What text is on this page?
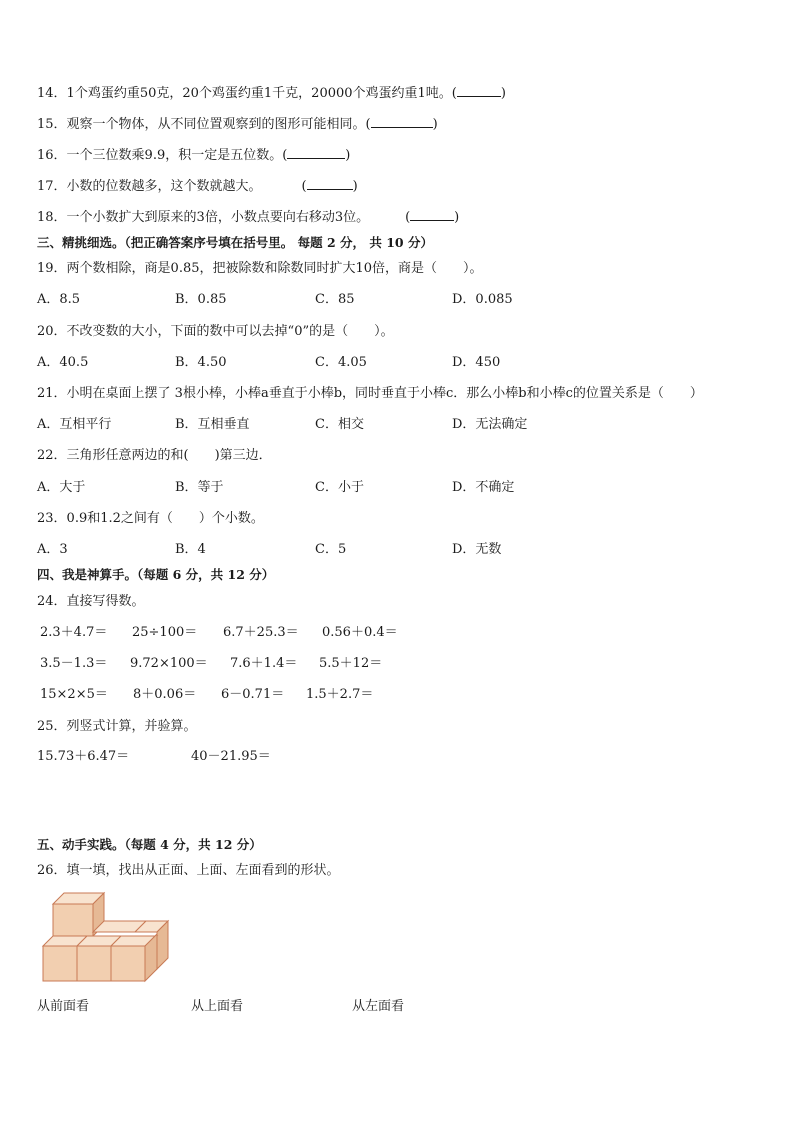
14．1个鸡蛋约重50克，20个鸡蛋约重1千克，20000个鸡蛋约重1吨。(	)
15．观察一个物体，从不同位置观察到的图形可能相同。(	)
16．一个三位数乘9.9，积一定是五位数。(	)
17．小数的位数越多，这个数就越大。	(	)
18．一个小数扩大到原来的3倍，小数点要向右移动3位。	(	)
三、精挑细选。（把正确答案序号填在括号里。 每题 2 分， 共 10 分）
19．两个数相除，商是0.85，把被除数和除数同时扩大10倍，商是（　　）。
A．8.5	B．0.85	C．85	D．0.085
20．不改变数的大小，下面的数中可以去掉“0”的是（　　）。
A．40.5	B．4.50	C．4.05	D．450
21．小明在桌面上摆了 3根小棒，小棒a垂直于小棒b，同时垂直于小棒c．那么小棒b和小棒c的位置关系是（　　）
A．互相平行	B．互相垂直	C．相交	D．无法确定
22．三角形任意两边的和(　　)第三边．
A．大于	B．等于	C．小于	D．不确定
23．0.9和1.2之间有（　　）个小数。
A．3	B．4	C．5	D．无数
四、我是神算手。（每题 6 分，共 12 分）
24．直接写得数。
2.3＋4.7＝ 25÷100＝ 6.7＋25.3＝ 0.56＋0.4＝
3.5－1.3＝ 9.72×100＝ 7.6＋1.4＝ 5.5＋12＝
15×2×5＝ 8＋0.06＝ 6－0.71＝ 1.5＋2.7＝
25．列竖式计算，并验算。
15.73＋6.47＝	40－21.95＝
五、动手实践。（每题 4 分，共 12 分）
26．填一填，找出从正面、上面、左面看到的形状。
从前面看	从上面看	从左面看
